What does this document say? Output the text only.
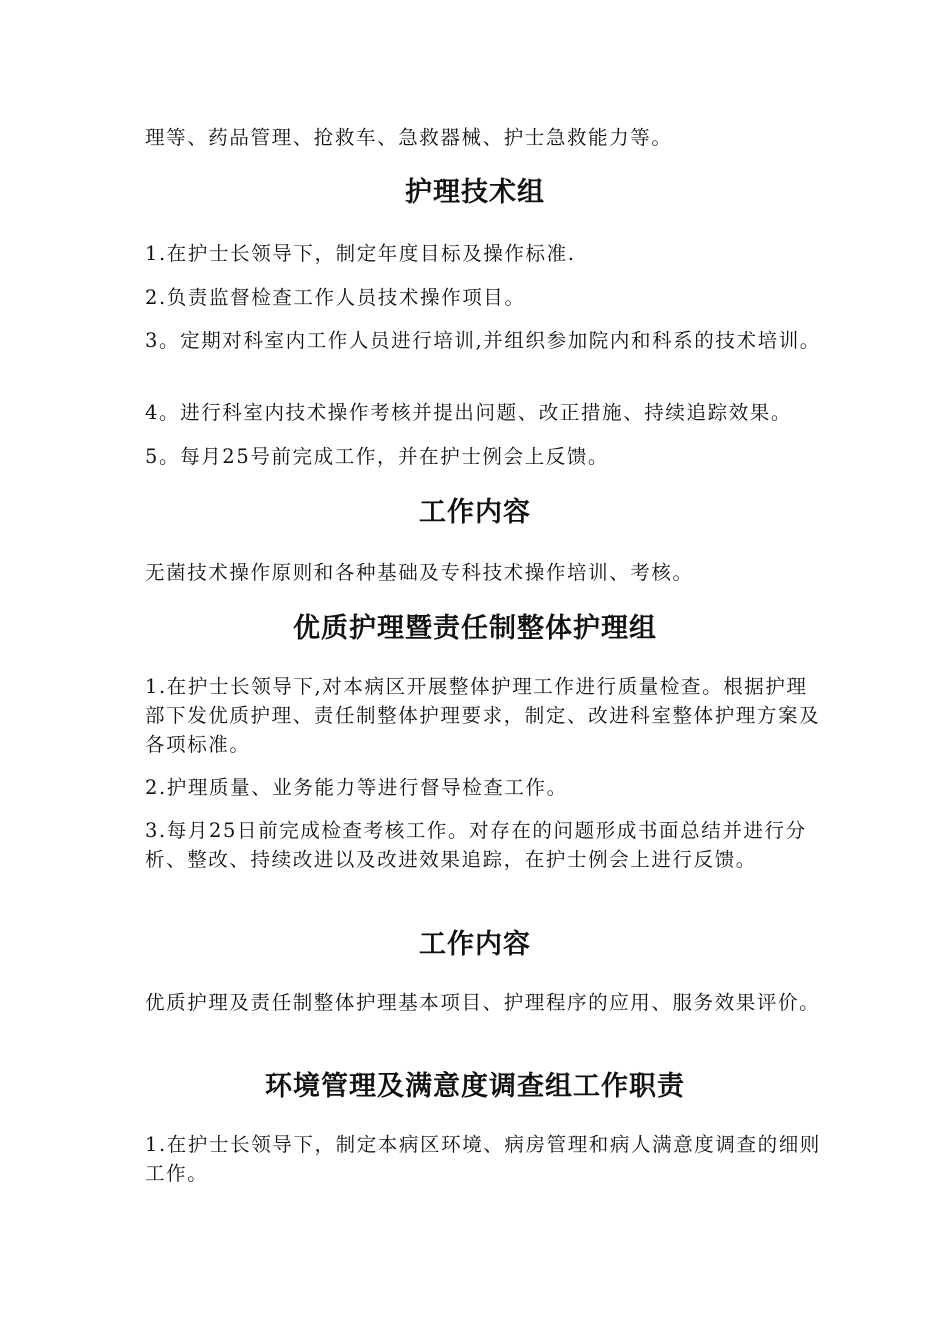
理等、药品管理、抢救车、急救器械、护士急救能力等。
护理技术组
1.在护士长领导下，制定年度目标及操作标准.
2.负责监督检查工作人员技术操作项目。
3。定期对科室内工作人员进行培训,并组织参加院内和科系的技术培训。
4。进行科室内技术操作考核并提出问题、改正措施、持续追踪效果。
5。每月25号前完成工作，并在护士例会上反馈。
工作内容
无菌技术操作原则和各种基础及专科技术操作培训、考核。
优质护理暨责任制整体护理组
1.在护士长领导下,对本病区开展整体护理工作进行质量检查。根据护理部下发优质护理、责任制整体护理要求，制定、改进科室整体护理方案及各项标准。
2.护理质量、业务能力等进行督导检查工作。
3.每月25日前完成检查考核工作。对存在的问题形成书面总结并进行分析、整改、持续改进以及改进效果追踪，在护士例会上进行反馈。
工作内容
优质护理及责任制整体护理基本项目、护理程序的应用、服务效果评价。
环境管理及满意度调查组工作职责
1.在护士长领导下，制定本病区环境、病房管理和病人满意度调查的细则工作。
